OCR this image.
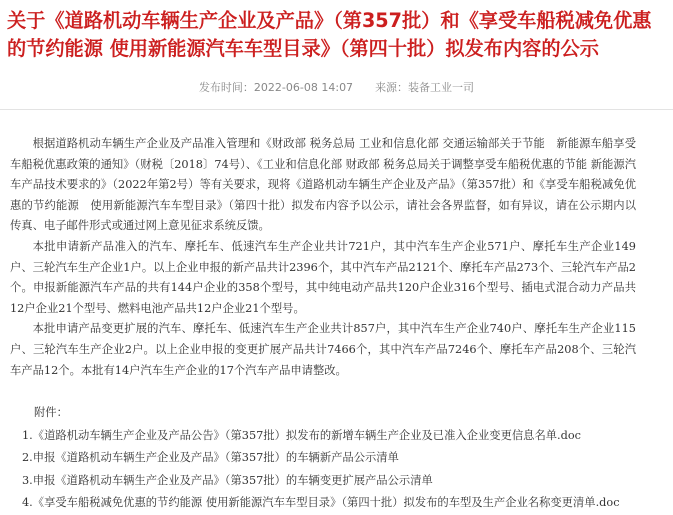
关于《道路机动车辆生产企业及产品》（第357批）和《享受车船税减免优惠的节约能源 使用新能源汽车车型目录》（第四十批）拟发布内容的公示
发布时间：2022-06-08 14:07 来源：装备工业一司

根据道路机动车辆生产企业及产品准入管理和《财政部 税务总局 工业和信息化部 交通运输部关于节能　新能源车船享受车船税优惠政策的通知》（财税〔2018〕74号）、《工业和信息化部 财政部 税务总局关于调整享受车船税优惠的节能 新能源汽车产品技术要求的》（2022年第2号）等有关要求，现将《道路机动车辆生产企业及产品》（第357批）和《享受车船税减免优惠的节约能源　使用新能源汽车车型目录》（第四十批）拟发布内容予以公示，请社会各界监督，如有异议，请在公示期内以传真、电子邮件形式或通过网上意见征求系统反馈。

本批申请新产品准入的汽车、摩托车、低速汽车生产企业共计721户，其中汽车生产企业571户、摩托车生产企业149户、三轮汽车生产企业1户。以上企业申报的新产品共计2396个，其中汽车产品2121个、摩托车产品273个、三轮汽车产品2个。申报新能源汽车产品的共有144户企业的358个型号，其中纯电动产品共120户企业316个型号、插电式混合动力产品共12户企业21个型号、燃料电池产品共12户企业21个型号。

本批申请产品变更扩展的汽车、摩托车、低速汽车生产企业共计857户，其中汽车生产企业740户、摩托车生产企业115户、三轮汽车生产企业2户。以上企业申报的变更扩展产品共计7466个，其中汽车产品7246个、摩托车产品208个、三轮汽车产品12个。本批有14户汽车生产企业的17个汽车产品申请整改。

附件：
1.《道路机动车辆生产企业及产品公告》（第357批）拟发布的新增车辆生产企业及已准入企业变更信息名单.doc
2.申报《道路机动车辆生产企业及产品》（第357批）的车辆新产品公示清单
3.申报《道路机动车辆生产企业及产品》（第357批）的车辆变更扩展产品公示清单
4.《享受车船税减免优惠的节约能源 使用新能源汽车车型目录》（第四十批）拟发布的车型及生产企业名称变更清单.doc
